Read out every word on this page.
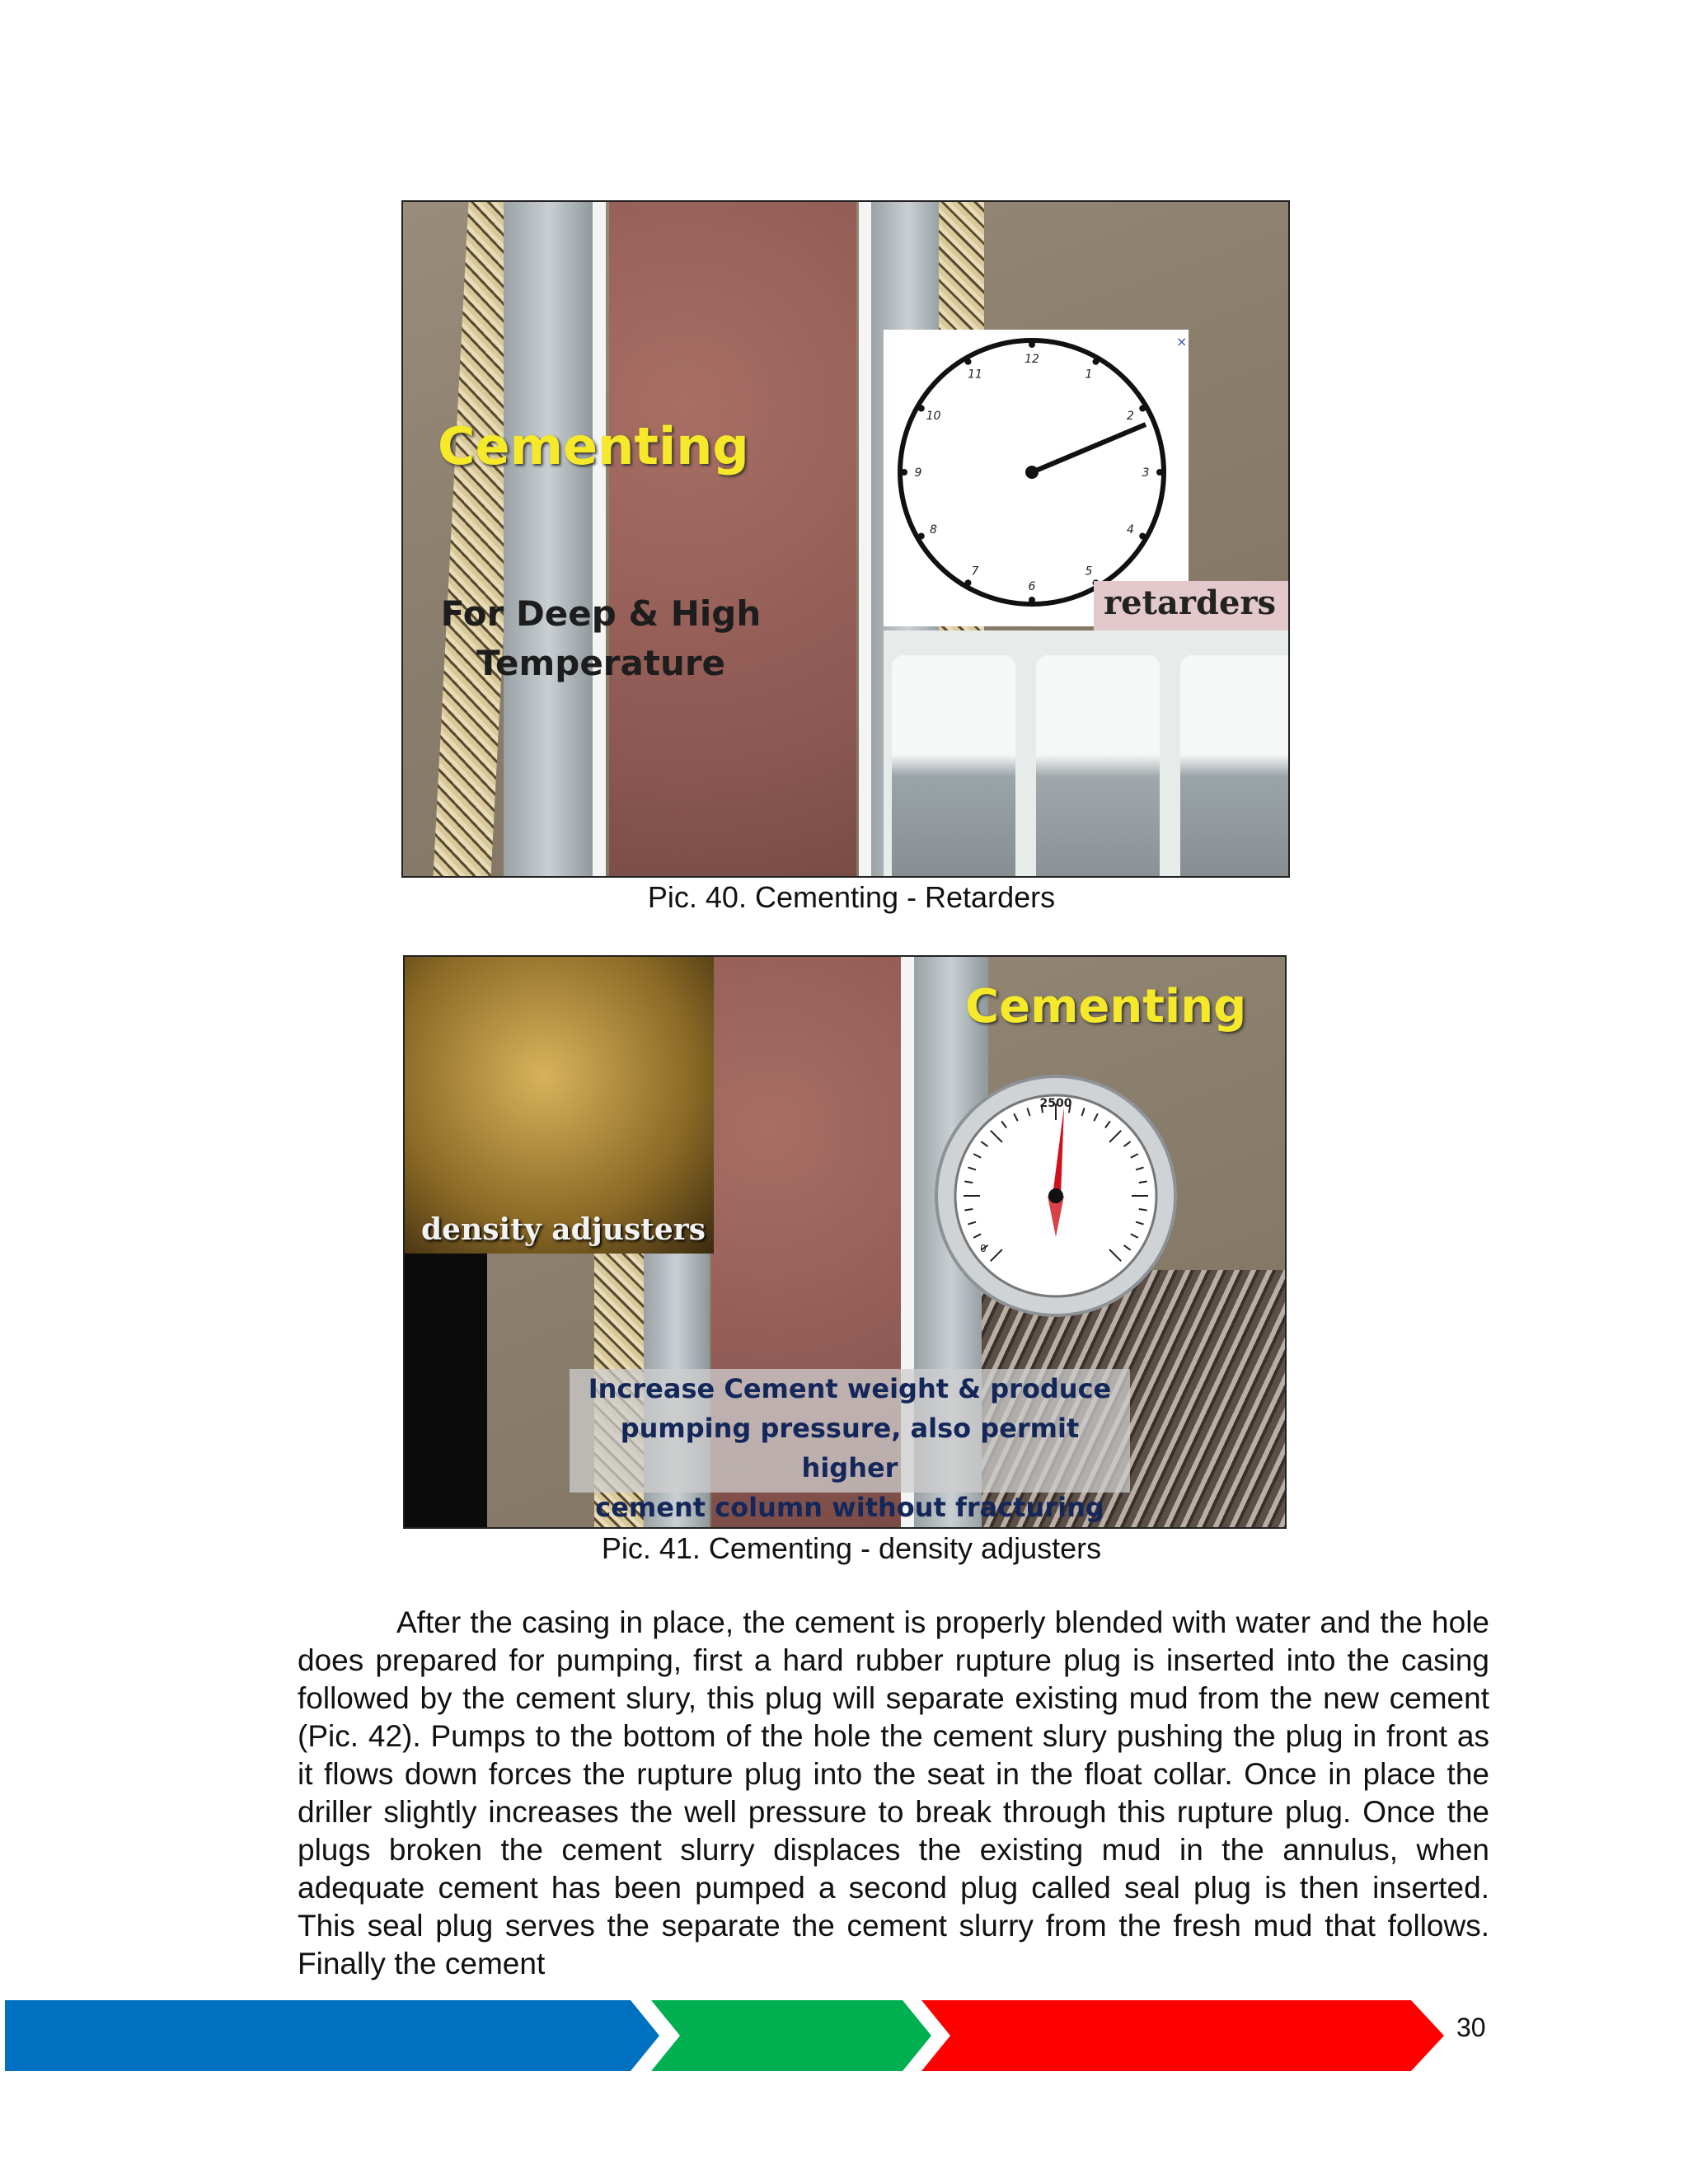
Cementing
For Deep & High
Temperature
12
1
2
3
4
5
6
7
8
9
10
11
×
retarders
Pic. 40. Cementing - Retarders
density adjusters
Cementing
2500
0
Increase Cement weight & produce
pumping pressure, also permit higher
cement column without fracturing
Pic. 41. Cementing - density adjusters

After the casing in place, the cement is properly blended with water and the hole does prepared for pumping, first a hard rubber rupture plug is inserted into the casing followed by the cement slury, this plug will separate existing mud from the new cement (Pic. 42). Pumps to the bottom of the hole the cement slury pushing the plug in front as it flows down forces the rupture plug into the seat in the float collar. Once in place the driller slightly increases the well pressure to break through this rupture plug. Once the plugs broken the cement slurry displaces the existing mud in the annulus, when adequate cement has been pumped a second plug called seal plug is then inserted. This seal plug serves the separate the cement slurry from the fresh mud that follows. Finally the cement

30
